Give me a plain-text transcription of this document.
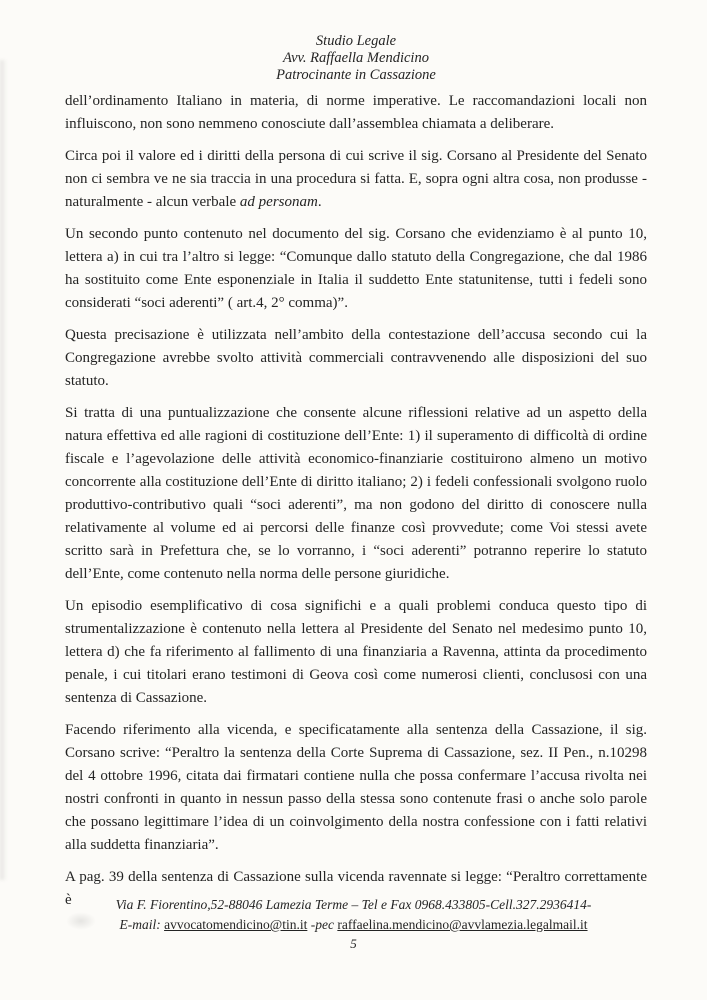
Studio Legale
Avv. Raffaella Mendicino
Patrocinante in Cassazione

dell’ordinamento Italiano in materia, di norme imperative. Le raccomandazioni locali non influiscono, non sono nemmeno conosciute dall’assemblea chiamata a deliberare.

Circa poi il valore ed i diritti della persona di cui scrive il sig. Corsano al Presidente del Senato non ci sembra ve ne sia traccia in una procedura si fatta. E, sopra ogni altra cosa, non produsse - naturalmente - alcun verbale ad personam.

Un secondo punto contenuto nel documento del sig. Corsano che evidenziamo è al punto 10, lettera a) in cui tra l’altro si legge: “Comunque dallo statuto della Congregazione, che dal 1986 ha sostituito come Ente esponenziale in Italia il suddetto Ente statunitense, tutti i fedeli sono considerati “soci aderenti” ( art.4, 2° comma)”.

Questa precisazione è utilizzata nell’ambito della contestazione dell’accusa secondo cui la Congregazione avrebbe svolto attività commerciali contravvenendo alle disposizioni del suo statuto.

Si tratta di una puntualizzazione che consente alcune riflessioni relative ad un aspetto della natura effettiva ed alle ragioni di costituzione dell’Ente: 1) il superamento di difficoltà di ordine fiscale e l’agevolazione delle attività economico-finanziarie costituirono almeno un motivo concorrente alla costituzione dell’Ente di diritto italiano; 2) i fedeli confessionali svolgono ruolo produttivo-contributivo quali “soci aderenti”, ma non godono del diritto di conoscere nulla relativamente al volume ed ai percorsi delle finanze così provvedute; come Voi stessi avete scritto sarà in Prefettura che, se lo vorranno, i “soci aderenti” potranno reperire lo statuto dell’Ente, come contenuto nella norma delle persone giuridiche.

Un episodio esemplificativo di cosa significhi e a quali problemi conduca questo tipo di strumentalizzazione è contenuto nella lettera al Presidente del Senato nel medesimo punto 10, lettera d) che fa riferimento al fallimento di una finanziaria a Ravenna, attinta da procedimento penale, i cui titolari erano testimoni di Geova così come numerosi clienti, conclusosi con una sentenza di Cassazione.

Facendo riferimento alla vicenda, e specificatamente alla sentenza della Cassazione, il sig. Corsano scrive: “Peraltro la sentenza della Corte Suprema di Cassazione, sez. II Pen., n.10298 del 4 ottobre 1996, citata dai firmatari contiene nulla che possa confermare l’accusa rivolta nei nostri confronti in quanto in nessun passo della stessa sono contenute frasi o anche solo parole che possano legittimare l’idea di un coinvolgimento della nostra confessione con i fatti relativi alla suddetta finanziaria”.

A pag. 39 della sentenza di Cassazione sulla vicenda ravennate si legge: “Peraltro correttamente è	Via F. Fiorentino,52-88046 Lamezia Terme – Tel e Fax 0968.433805-Cell.327.2936414-
E-mail: avvocatomendicino@tin.it -pec raffaelina.mendicino@avvlamezia.legalmail.it
5
